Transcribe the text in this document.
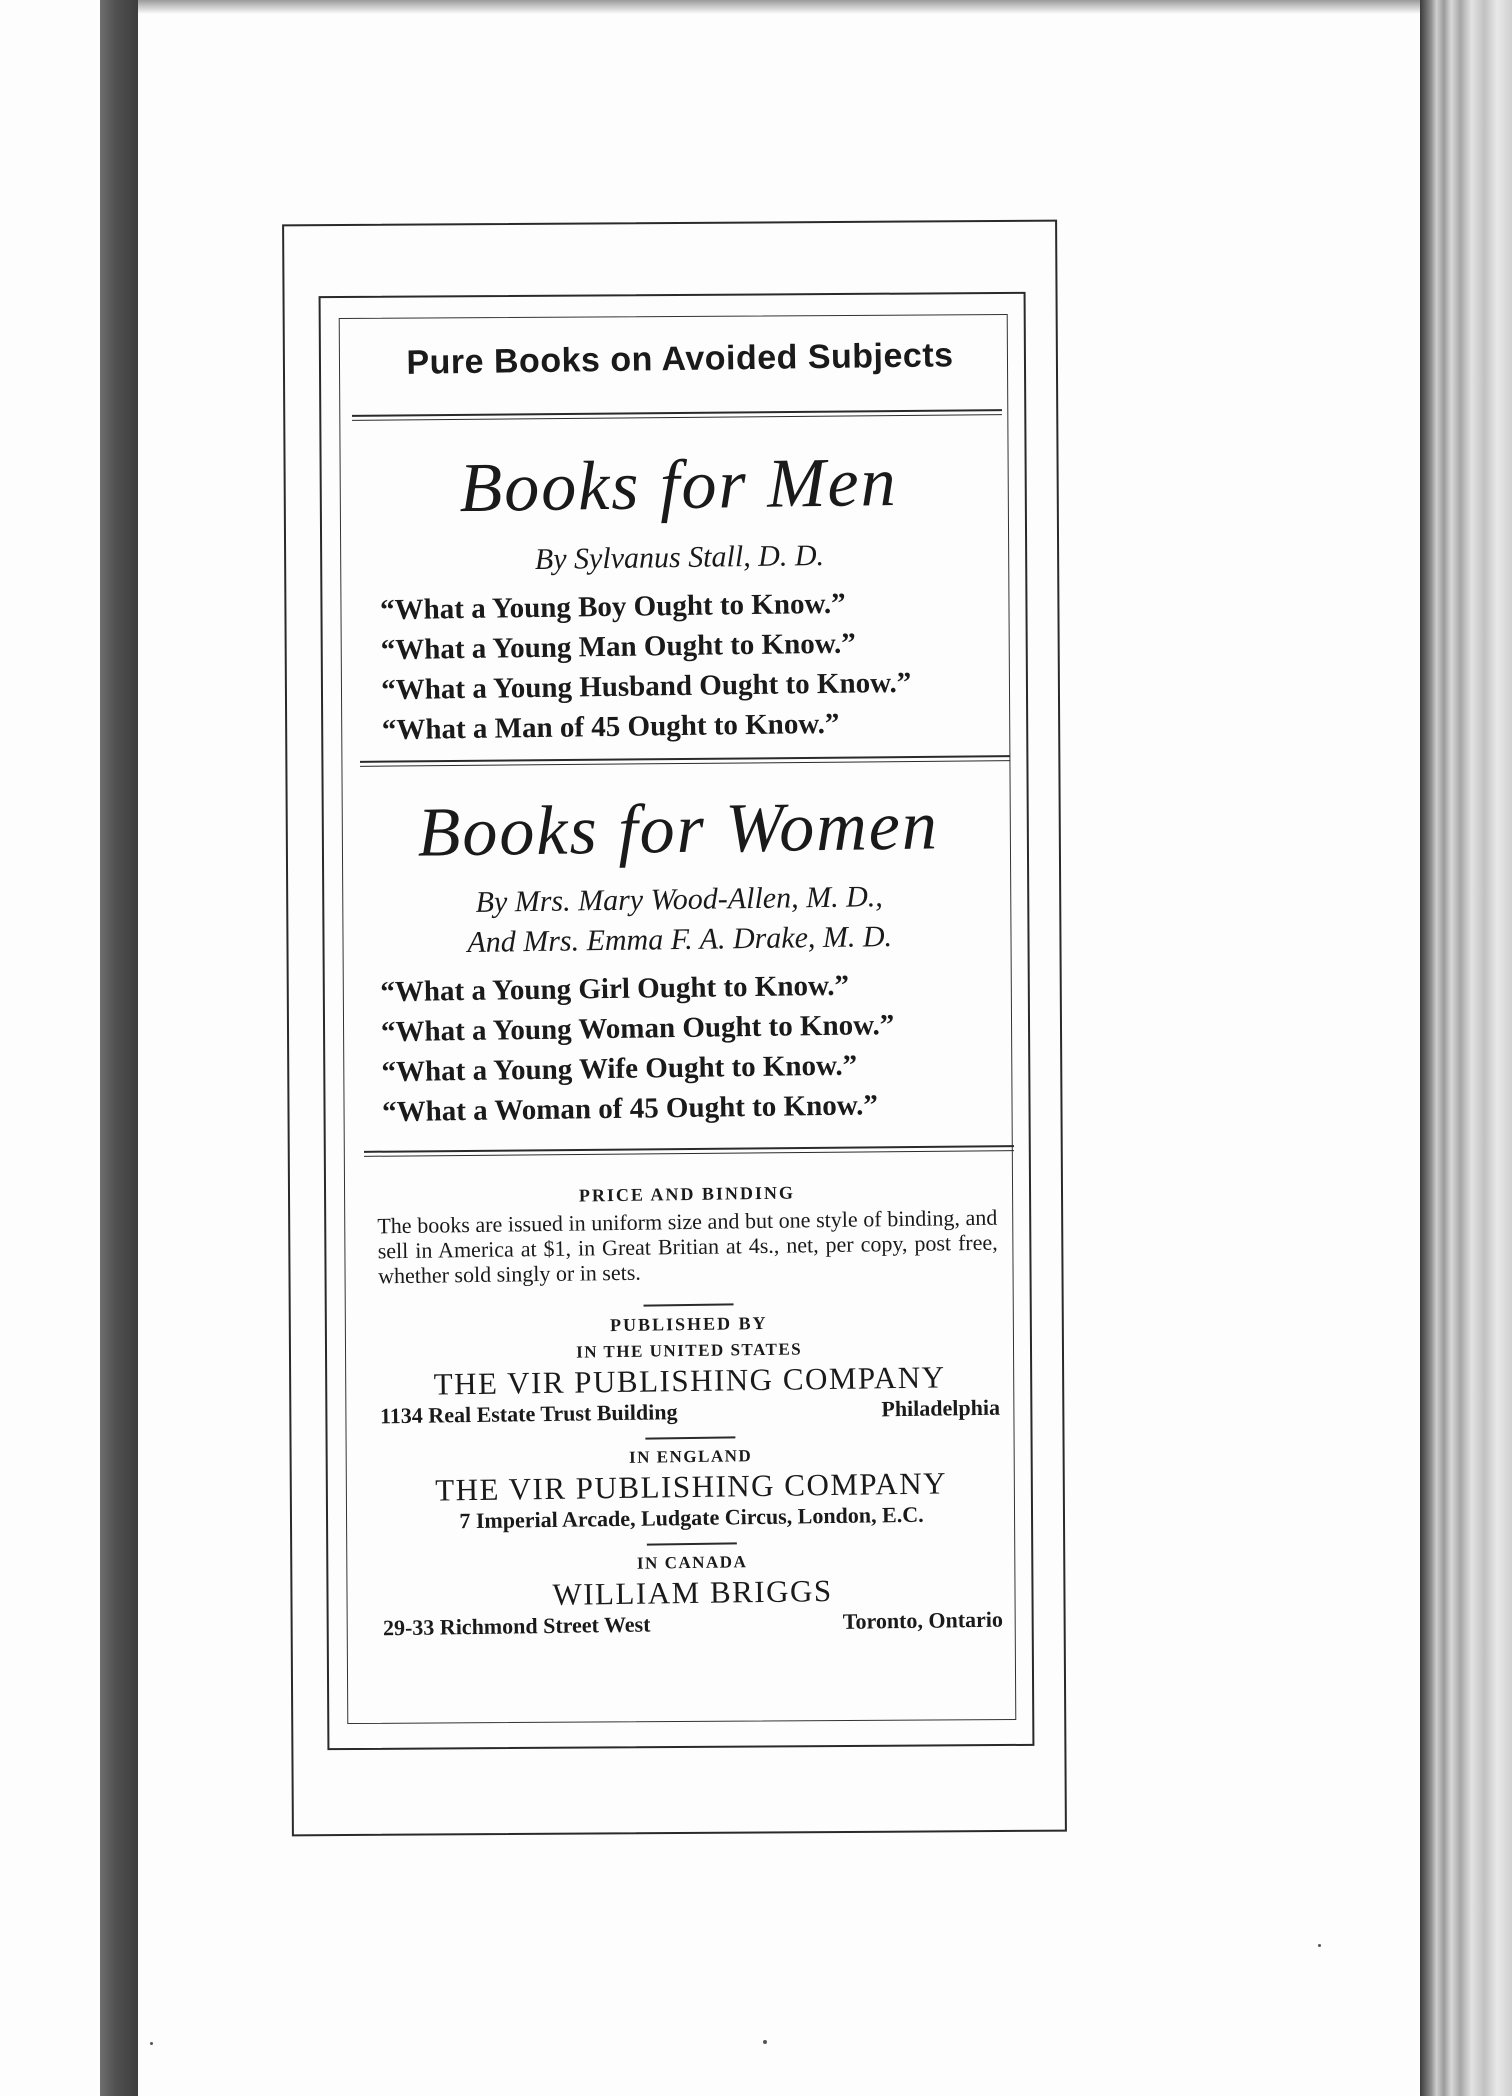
Pure Books on Avoided Subjects
Books for Men
By Sylvanus Stall, D. D.
“What a Young Boy Ought to Know.”
“What a Young Man Ought to Know.”
“What a Young Husband Ought to Know.”
“What a Man of 45 Ought to Know.”
Books for Women
By Mrs. Mary Wood-Allen, M. D.,
And Mrs. Emma F. A. Drake, M. D.
“What a Young Girl Ought to Know.”
“What a Young Woman Ought to Know.”
“What a Young Wife Ought to Know.”
“What a Woman of 45 Ought to Know.”
PRICE AND BINDING
The books are issued in uniform size and but one style of binding, and sell in America at $1, in Great Britian at 4s., net, per copy, post free, whether sold singly or in sets.
PUBLISHED BY
IN THE UNITED STATES
THE VIR PUBLISHING COMPANY
1134 Real Estate Trust Building	Philadelphia
IN ENGLAND
THE VIR PUBLISHING COMPANY
7 Imperial Arcade, Ludgate Circus, London, E.C.
IN CANADA
WILLIAM BRIGGS
29-33 Richmond Street West	Toronto, Ontario
